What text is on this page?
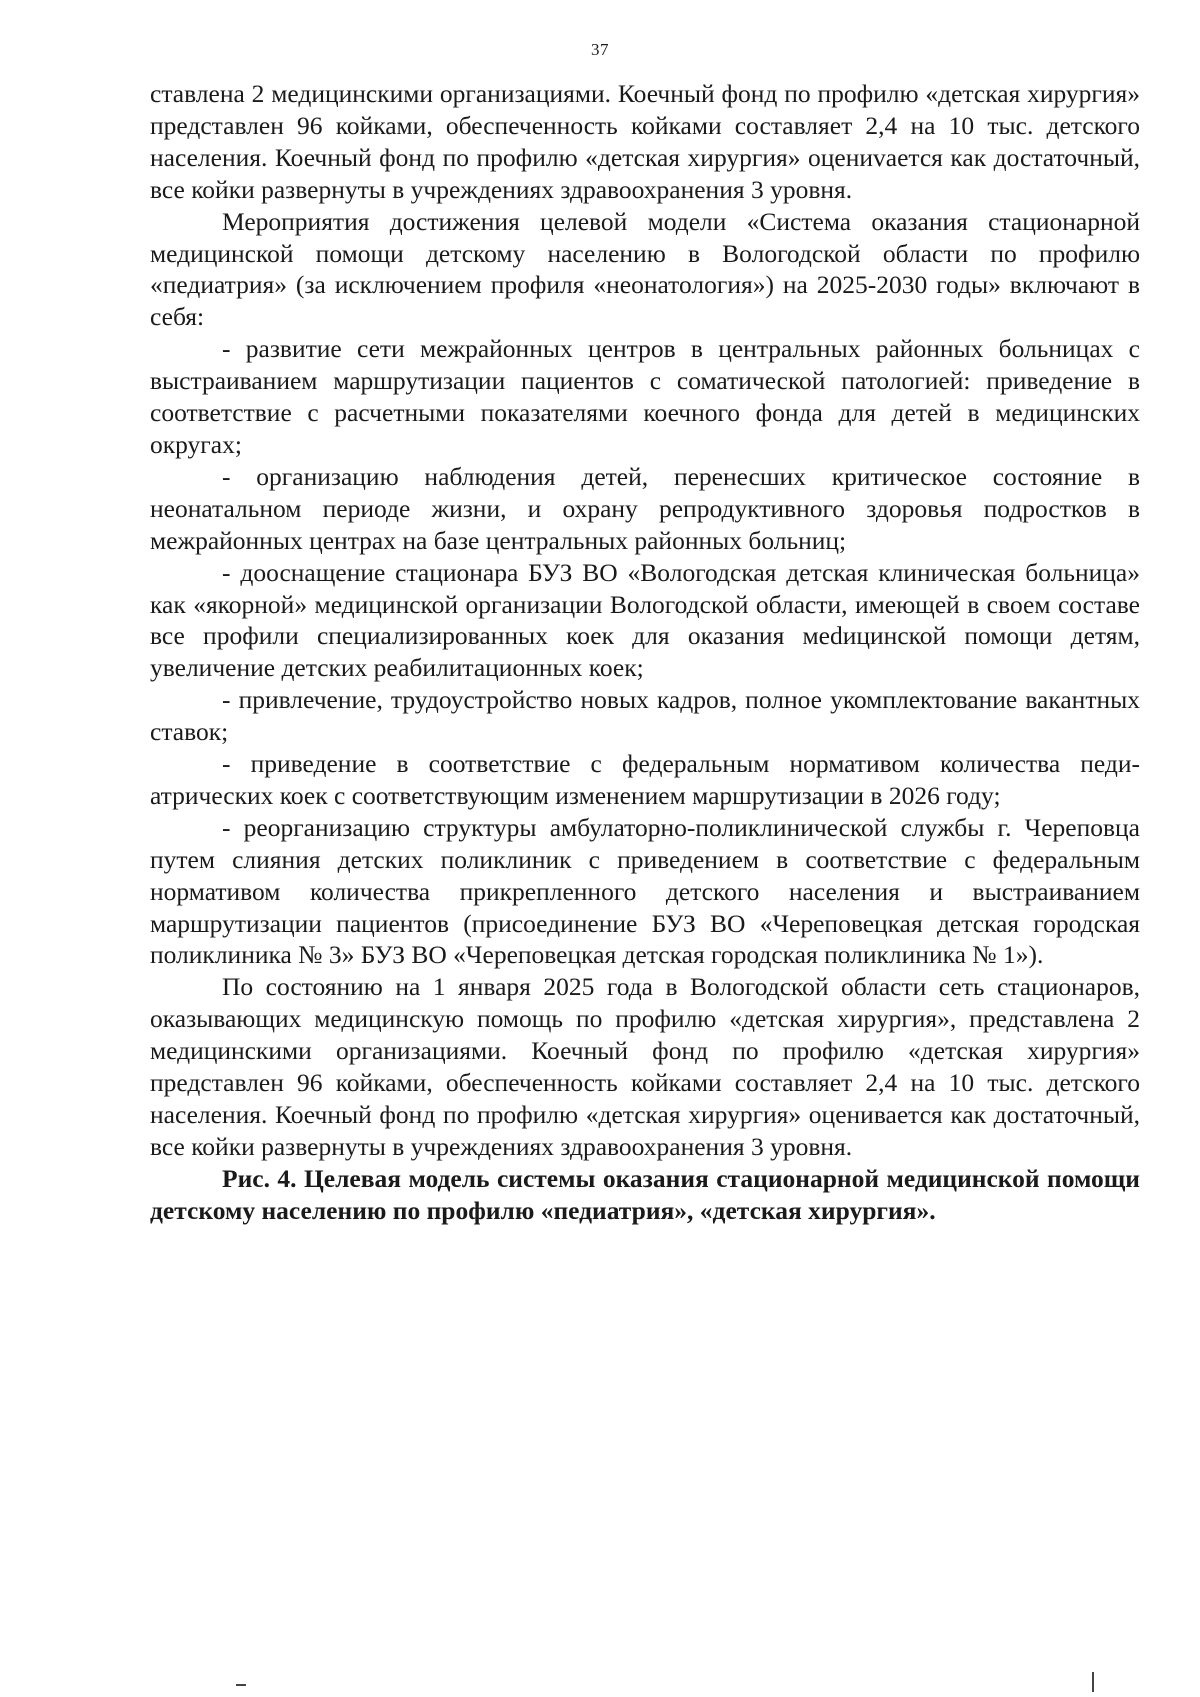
37

ставлена 2 медицинскими организациями. Коечный фонд по профилю «детская хирургия» представлен 96 койками, обеспеченность койками составляет 2,4 на 10 тыс. детского населения. Коечный фонд по профилю «детская хирургия» оцениvается как достаточный, все койки развернуты в учреждениях здравоохранения 3 уровня.

Мероприятия достижения целевой модели «Система оказания стационарной медицинской помощи детскому населению в Вологодской области по профилю «педиатрия» (за исключением профиля «неонатология») на 2025-2030 годы» включают в себя:

- развитие сети межрайонных центров в центральных районных больницах с выстраиванием маршрутизации пациентов с соматической патологией: приведение в соответствие с расчетными показателями коечного фонда для детей в медицинских округах;

- организацию наблюдения детей, перенесших критическое состояние в неонатальном периоде жизни, и охрану репродуктивного здоровья подростков в межрайонных центрах на базе центральных районных больниц;

- дооснащение стационара БУЗ ВО «Вологодская детская клиническая больница» как «якорной» медицинской организации Вологодской области, имеющей в своем составе все профили специализированных коек для оказания меdицинской помощи детям, увеличение детских реабилитационных коек;

- привлечение, трудоустройство новых кадров, полное укомплектование вакантных ставок;

- приведение в соответствие с федеральным нормативом количества педиатрических коек с соответствующим изменением маршрутизации в 2026 году;

- реорганизацию структуры амбулаторно-поликлинической службы г. Череповца путем слияния детских поликлиник с приведением в соответствие с федеральным нормативом количества прикрепленного детского населения и выстраиванием маршрутизации пациентов (присоединение БУЗ ВО «Череповецкая детская городская поликлиника № 3» БУЗ ВО «Череповецкая детская городская поликлиника № 1»).

По состоянию на 1 января 2025 года в Вологодской области сеть стационаров, оказывающих медицинскую помощь по профилю «детская хирургия», представлена 2 медицинскими организациями. Коечный фонд по профилю «детская хирургия» представлен 96 койками, обеспеченность койками составляет 2,4 на 10 тыс. детского населения. Коечный фонд по профилю «детская хирургия» оценивается как достаточный, все койки развернуты в учреждениях здравоохранения 3 уровня.

Рис. 4. Целевая модель системы оказания стационарной медицинской помощи детскому населению по профилю «педиатрия», «детская хирургия».
